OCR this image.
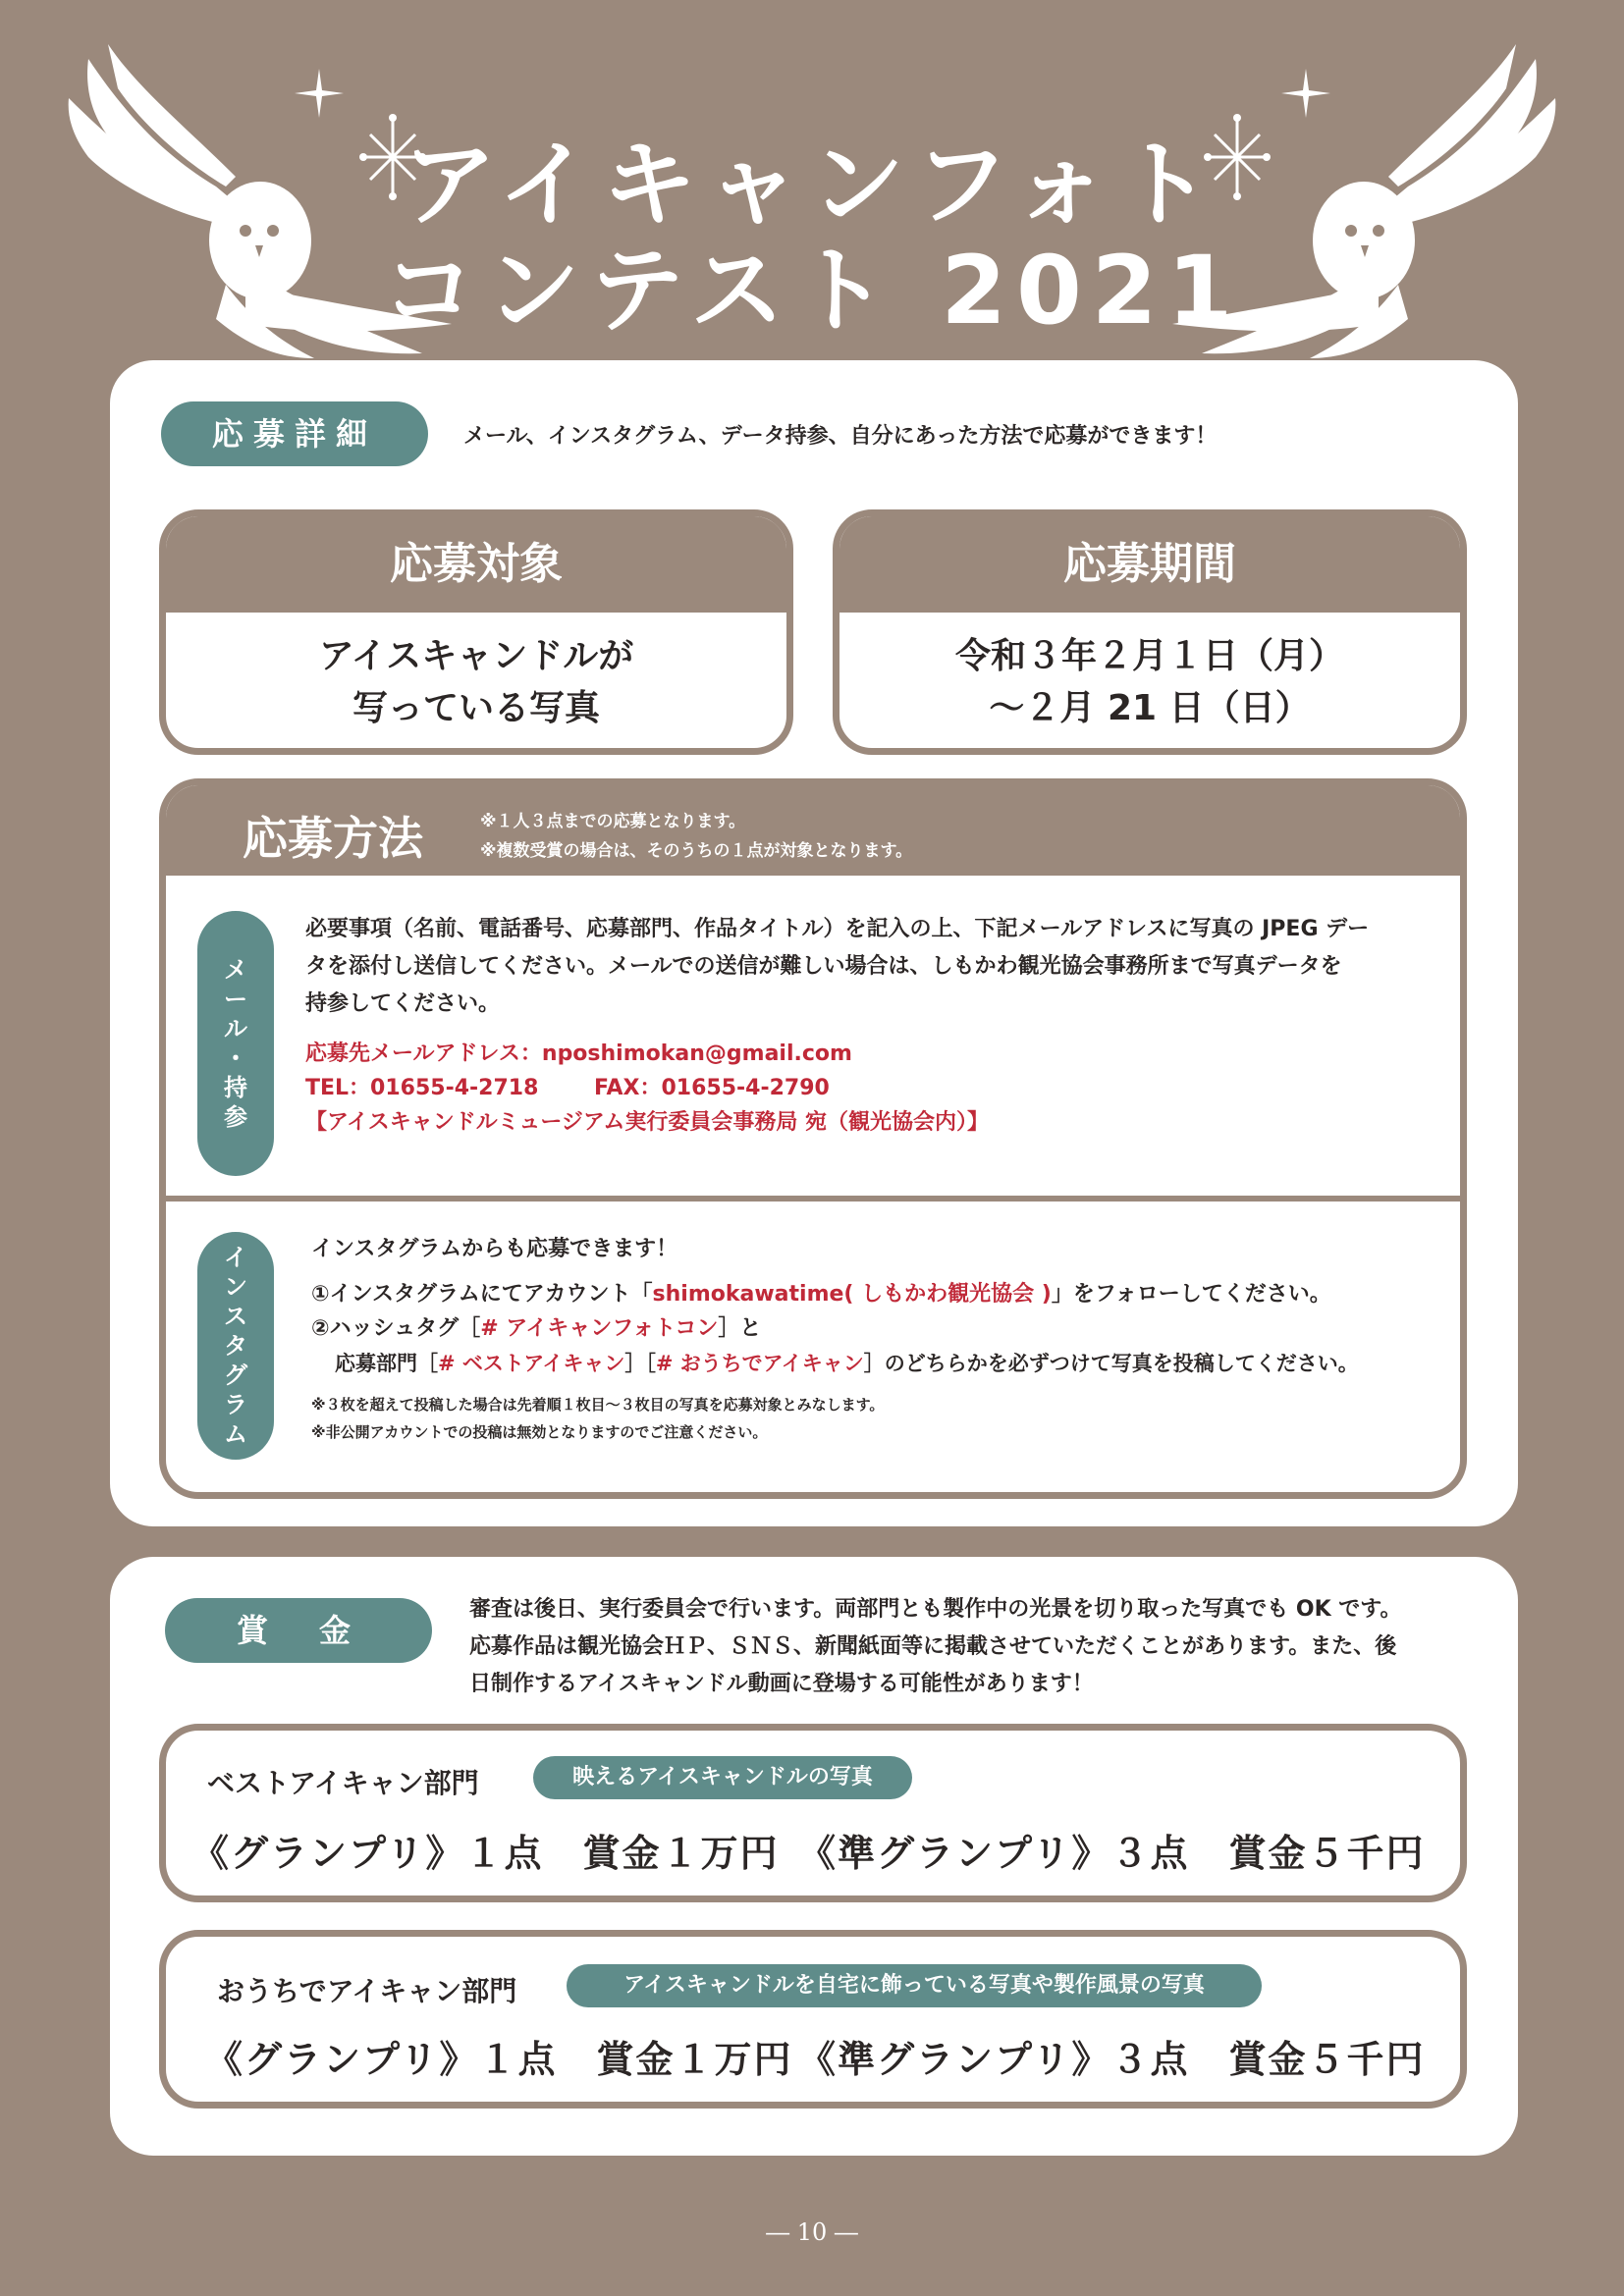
アイキャンフォト
コンテスト 2021
応募詳細	メール、インスタグラム、データ持参、自分にあった方法で応募ができます！
応募対象
アイスキャンドルが
写っている写真
応募期間
令和３年２月１日（月）
～２月 21 日（日）
応募方法	※１人３点までの応募となります。
※複数受賞の場合は、そのうちの１点が対象となります。
メ
ー
ル
・
持
参
必要事項（名前、電話番号、応募部門、作品タイトル）を記入の上、下記メールアドレスに写真の JPEG デー
タを添付し送信してください。メールでの送信が難しい場合は、しもかわ観光協会事務所まで写真データを
持参してください。
応募先メールアドレス：nposhimokan@gmail.com
TEL：01655-4-2718	FAX：01655-4-2790
【アイスキャンドルミュージアム実行委員会事務局 宛（観光協会内）】
イ
ン
ス
タ
グ
ラ
ム
インスタグラムからも応募できます！
①インスタグラムにてアカウント「shimokawatime( しもかわ観光協会 )」をフォローしてください。
②ハッシュタグ［# アイキャンフォトコン］と
応募部門［# ベストアイキャン］［# おうちでアイキャン］のどちらかを必ずつけて写真を投稿してください。
※３枚を超えて投稿した場合は先着順１枚目～３枚目の写真を応募対象とみなします。
※非公開アカウントでの投稿は無効となりますのでご注意ください。
賞　金
審査は後日、実行委員会で行います。両部門とも製作中の光景を切り取った写真でも OK です。
応募作品は観光協会ＨＰ、ＳＮＳ、新聞紙面等に掲載させていただくことがあります。また、後
日制作するアイスキャンドル動画に登場する可能性があります！
ベストアイキャン部門	映えるアイスキャンドルの写真
《グランプリ》１点　賞金１万円 《準グランプリ》３点　賞金５千円
おうちでアイキャン部門	アイスキャンドルを自宅に飾っている写真や製作風景の写真
《グランプリ》１点　賞金１万円 《準グランプリ》３点　賞金５千円
― 10 ―
